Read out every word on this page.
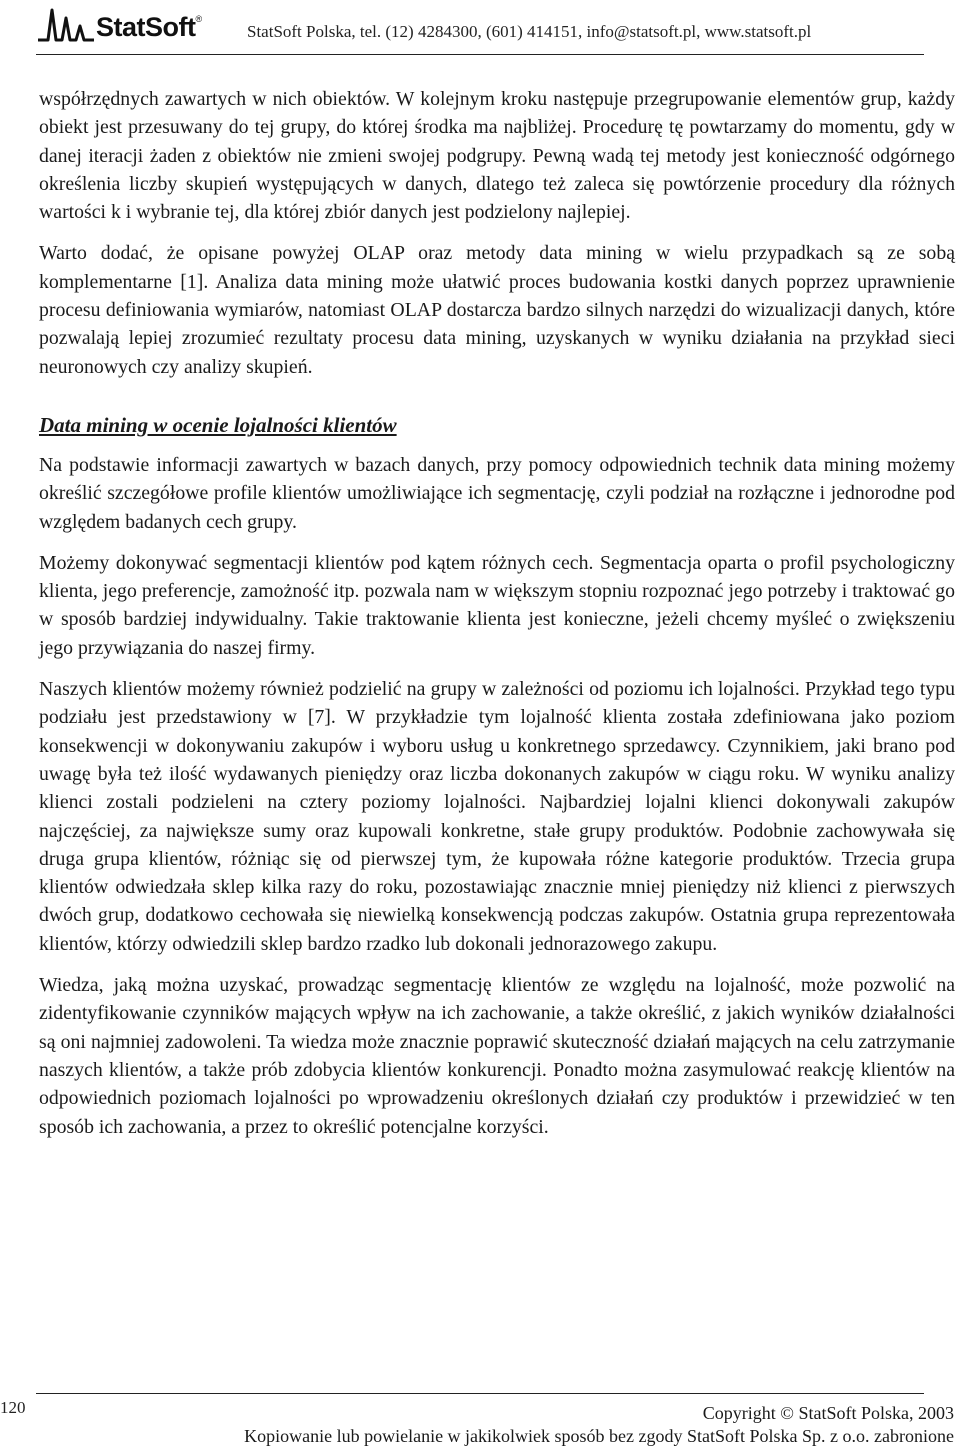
StatSoft®
StatSoft Polska, tel. (12) 4284300, (601) 414151, info@statsoft.pl, www.statsoft.pl

współrzędnych zawartych w nich obiektów. W kolejnym kroku następuje przegrupowanie elementów grup, każdy obiekt jest przesuwany do tej grupy, do której środka ma najbliżej. Procedurę tę powtarzamy do momentu, gdy w danej iteracji żaden z obiektów nie zmieni swojej podgrupy. Pewną wadą tej metody jest konieczność odgórnego określenia liczby skupień występujących w danych, dlatego też zaleca się powtórzenie procedury dla różnych wartości k i wybranie tej, dla której zbiór danych jest podzielony najlepiej.

Warto dodać, że opisane powyżej OLAP oraz metody data mining w wielu przypadkach są ze sobą komplementarne [1]. Analiza data mining może ułatwić proces budowania kostki danych poprzez uprawnienie procesu definiowania wymiarów, natomiast OLAP dostarcza bardzo silnych narzędzi do wizualizacji danych, które pozwalają lepiej zrozumieć rezultaty procesu data mining, uzyskanych w wyniku działania na przykład sieci neuronowych czy analizy skupień.

Data mining w ocenie lojalności klientów

Na podstawie informacji zawartych w bazach danych, przy pomocy odpowiednich technik data mining możemy określić szczegółowe profile klientów umożliwiające ich segmentację, czyli podział na rozłączne i jednorodne pod względem badanych cech grupy.

Możemy dokonywać segmentacji klientów pod kątem różnych cech. Segmentacja oparta o profil psychologiczny klienta, jego preferencje, zamożność itp. pozwala nam w większym stopniu rozpoznać jego potrzeby i traktować go w sposób bardziej indywidualny. Takie traktowanie klienta jest konieczne, jeżeli chcemy myśleć o zwiększeniu jego przywiązania do naszej firmy.

Naszych klientów możemy również podzielić na grupy w zależności od poziomu ich lojalności. Przykład tego typu podziału jest przedstawiony w [7]. W przykładzie tym lojalność klienta została zdefiniowana jako poziom konsekwencji w dokonywaniu zakupów i wyboru usług u konkretnego sprzedawcy. Czynnikiem, jaki brano pod uwagę była też ilość wydawanych pieniędzy oraz liczba dokonanych zakupów w ciągu roku. W wyniku analizy klienci zostali podzieleni na cztery poziomy lojalności. Najbardziej lojalni klienci dokonywali zakupów najczęściej, za największe sumy oraz kupowali konkretne, stałe grupy produktów. Podobnie zachowywała się druga grupa klientów, różniąc się od pierwszej tym, że kupowała różne kategorie produktów. Trzecia grupa klientów odwiedzała sklep kilka razy do roku, pozostawiając znacznie mniej pieniędzy niż klienci z pierwszych dwóch grup, dodatkowo cechowała się niewielką konsekwencją podczas zakupów. Ostatnia grupa reprezentowała klientów, którzy odwiedzili sklep bardzo rzadko lub dokonali jednorazowego zakupu.

Wiedza, jaką można uzyskać, prowadząc segmentację klientów ze względu na lojalność, może pozwolić na zidentyfikowanie czynników mających wpływ na ich zachowanie, a także określić, z jakich wyników działalności są oni najmniej zadowoleni. Ta wiedza może znacznie poprawić skuteczność działań mających na celu zatrzymanie naszych klientów, a także prób zdobycia klientów konkurencji. Ponadto można zasymulować reakcję klientów na odpowiednich poziomach lojalności po wprowadzeniu określonych działań czy produktów i przewidzieć w ten sposób ich zachowania, a przez to określić potencjalne korzyści.

120	Copyright © StatSoft Polska, 2003
Kopiowanie lub powielanie w jakikolwiek sposób bez zgody StatSoft Polska Sp. z o.o. zabronione
